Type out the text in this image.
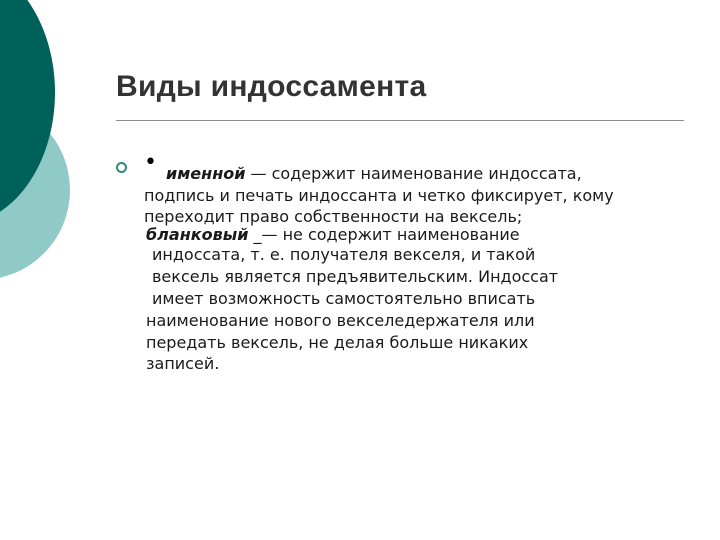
Виды индоссамента
• именной — содержит наименование индоссата,

подпись и печать индоссанта и четко фиксирует, кому

переходит право собственности на вексель;

бланковый _— не содержит наименование

индоссата, т. е. получателя векселя, и такой

вексель является предъявительским. Индоссат

имеет возможность самостоятельно вписать

наименование нового векселедержателя или

передать вексель, не делая больше никаких

записей.
